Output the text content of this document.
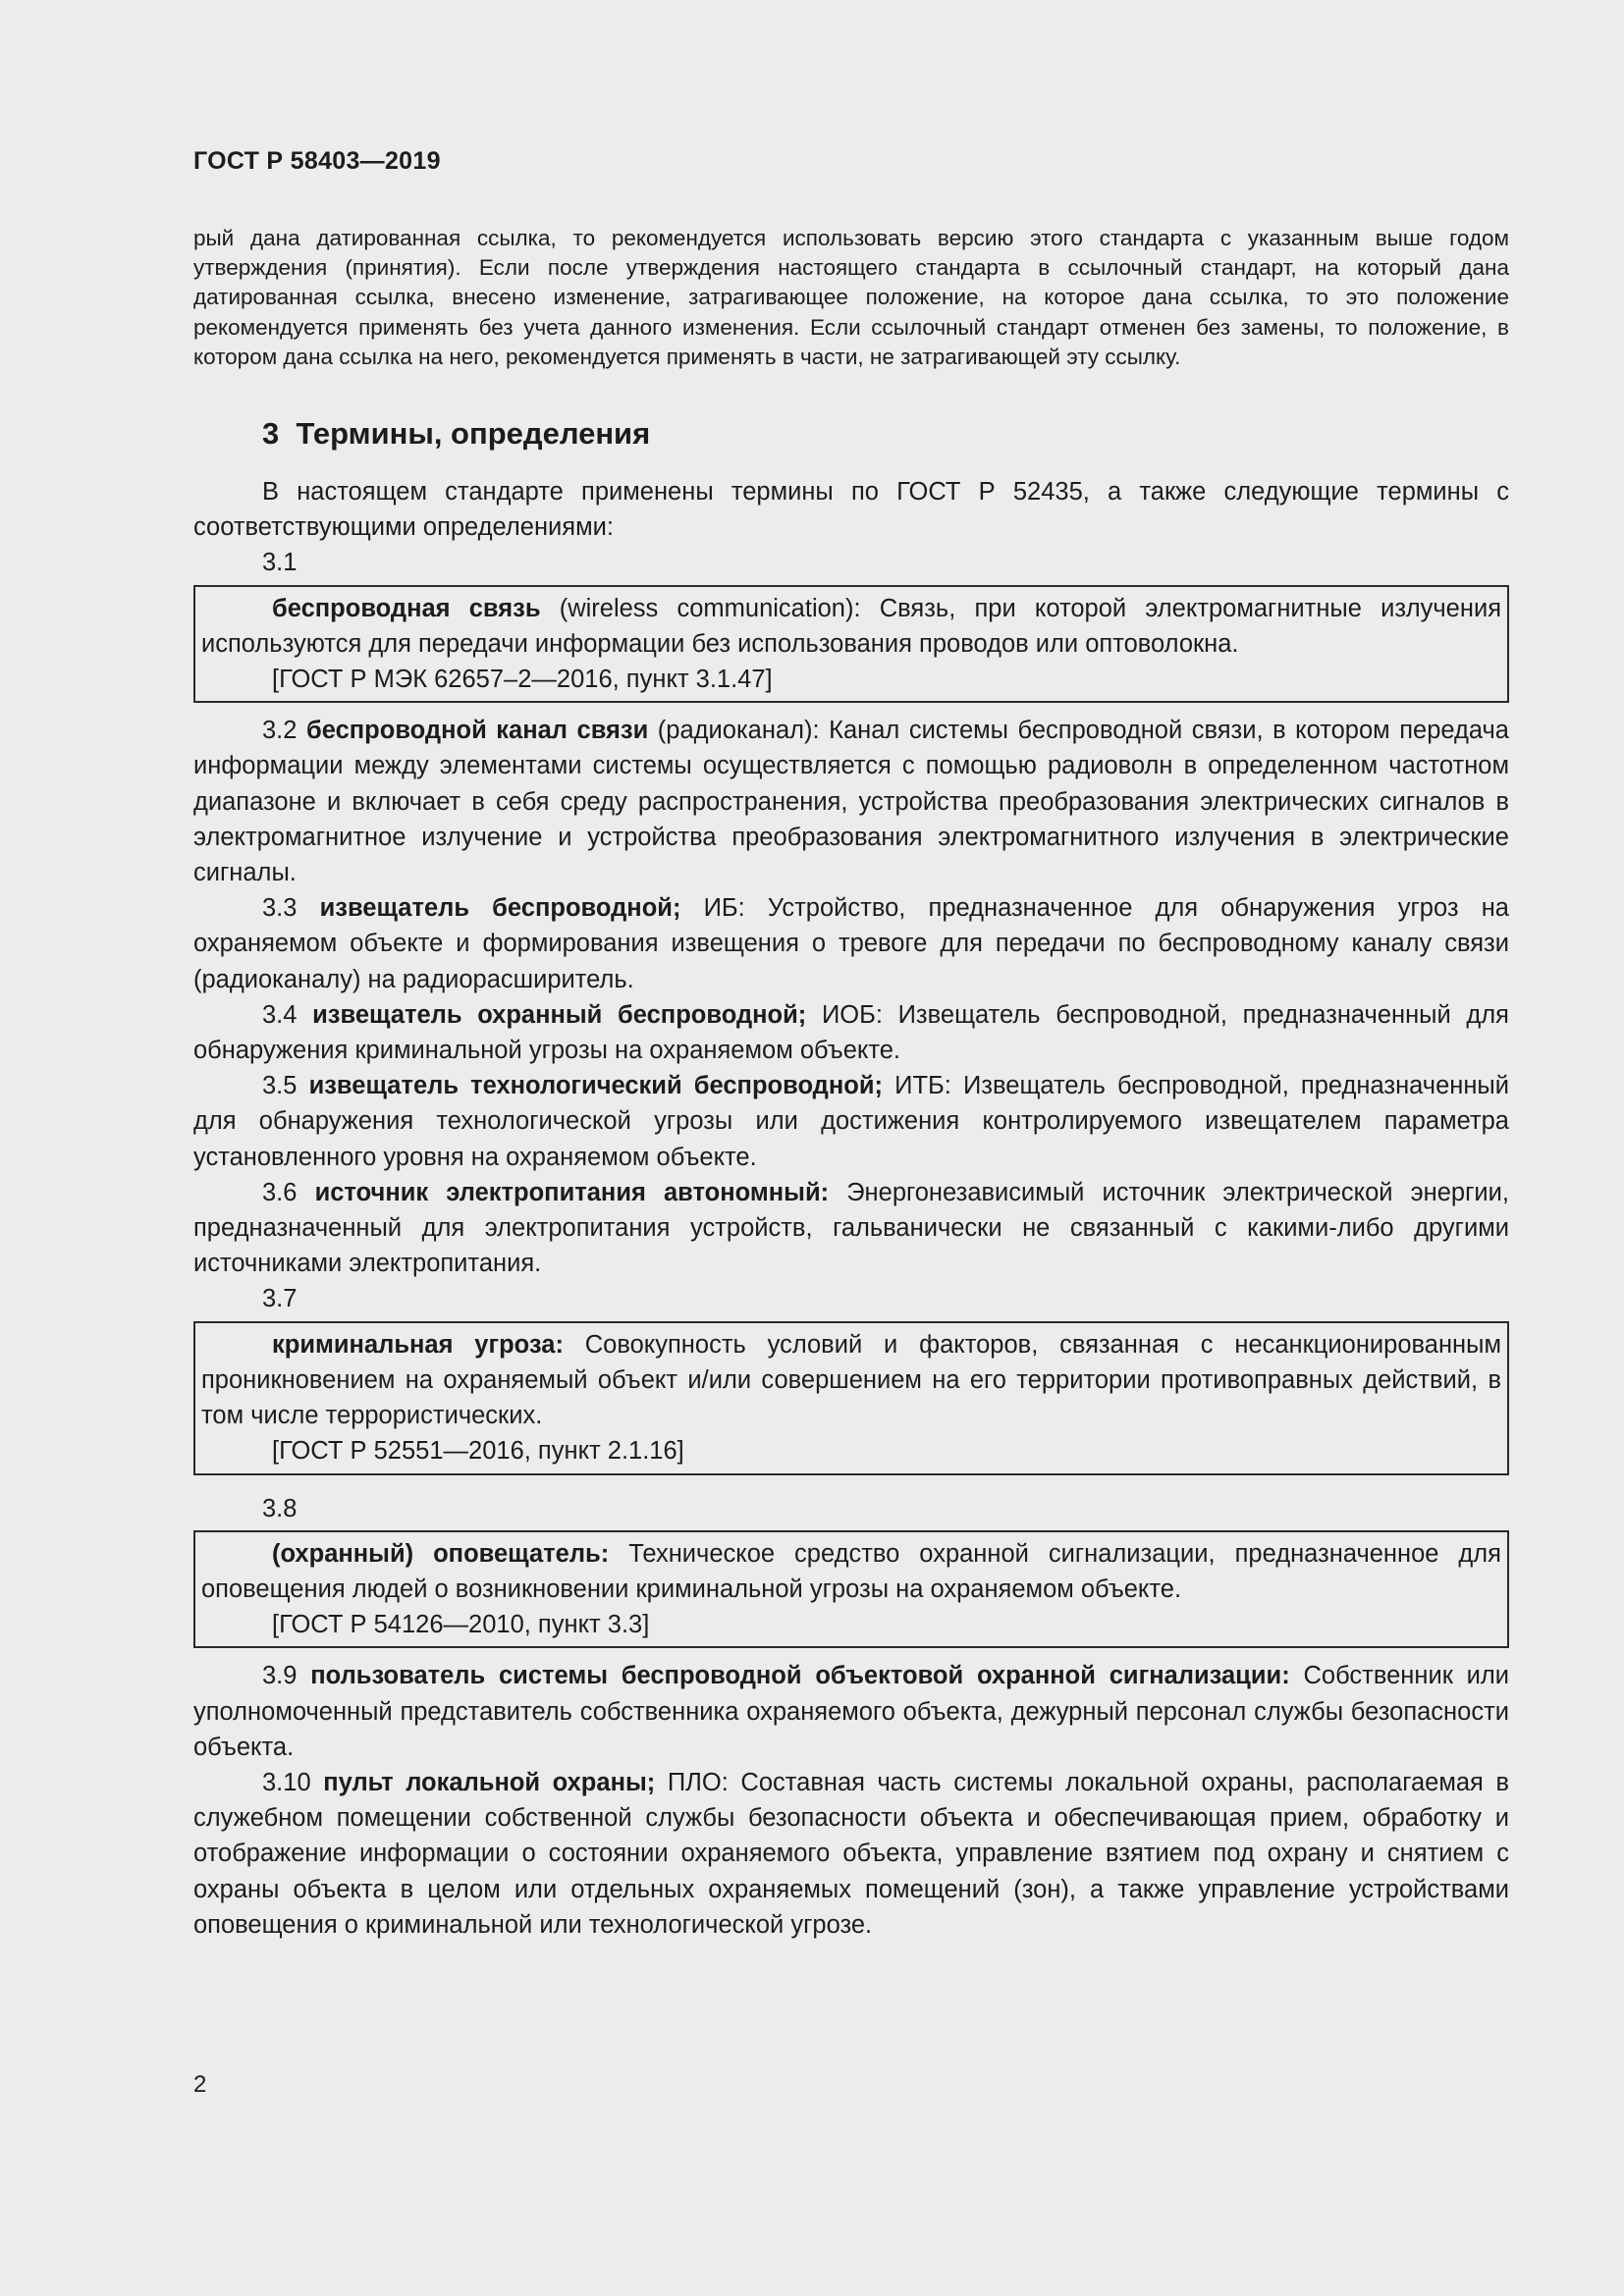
ГОСТ Р 58403—2019

рый дана датированная ссылка, то рекомендуется использовать версию этого стандарта с указанным выше годом утверждения (принятия). Если после утверждения настоящего стандарта в ссылочный стандарт, на который дана датированная ссылка, внесено изменение, затрагивающее положение, на которое дана ссылка, то это положение рекомендуется применять без учета данного изменения. Если ссылочный стандарт отменен без замены, то положение, в котором дана ссылка на него, рекомендуется применять в части, не затрагивающей эту ссылку.

3 Термины, определения

В настоящем стандарте применены термины по ГОСТ Р 52435, а также следующие термины с соответствующими определениями:

3.1

беспроводная связь (wireless communication): Связь, при которой электромагнитные излучения используются для передачи информации без использования проводов или оптоволокна.

[ГОСТ Р МЭК 62657–2—2016, пункт 3.1.47]

3.2 беспроводной канал связи (радиоканал): Канал системы беспроводной связи, в котором передача информации между элементами системы осуществляется с помощью радиоволн в определенном частотном диапазоне и включает в себя среду распространения, устройства преобразования электрических сигналов в электромагнитное излучение и устройства преобразования электромагнитного излучения в электрические сигналы.

3.3 извещатель беспроводной; ИБ: Устройство, предназначенное для обнаружения угроз на охраняемом объекте и формирования извещения о тревоге для передачи по беспроводному каналу связи (радиоканалу) на радиорасширитель.

3.4 извещатель охранный беспроводной; ИОБ: Извещатель беспроводной, предназначенный для обнаружения криминальной угрозы на охраняемом объекте.

3.5 извещатель технологический беспроводной; ИТБ: Извещатель беспроводной, предназначенный для обнаружения технологической угрозы или достижения контролируемого извещателем параметра установленного уровня на охраняемом объекте.

3.6 источник электропитания автономный: Энергонезависимый источник электрической энергии, предназначенный для электропитания устройств, гальванически не связанный с какими-либо другими источниками электропитания.

3.7

криминальная угроза: Совокупность условий и факторов, связанная с несанкционированным проникновением на охраняемый объект и/или совершением на его территории противоправных действий, в том числе террористических.

[ГОСТ Р 52551—2016, пункт 2.1.16]

3.8

(охранный) оповещатель: Техническое средство охранной сигнализации, предназначенное для оповещения людей о возникновении криминальной угрозы на охраняемом объекте.

[ГОСТ Р 54126—2010, пункт 3.3]

3.9 пользователь системы беспроводной объектовой охранной сигнализации: Собственник или уполномоченный представитель собственника охраняемого объекта, дежурный персонал службы безопасности объекта.

3.10 пульт локальной охраны; ПЛО: Составная часть системы локальной охраны, располагаемая в служебном помещении собственной службы безопасности объекта и обеспечивающая прием, обработку и отображение информации о состоянии охраняемого объекта, управление взятием под охрану и снятием с охраны объекта в целом или отдельных охраняемых помещений (зон), а также управление устройствами оповещения о криминальной или технологической угрозе.

2
